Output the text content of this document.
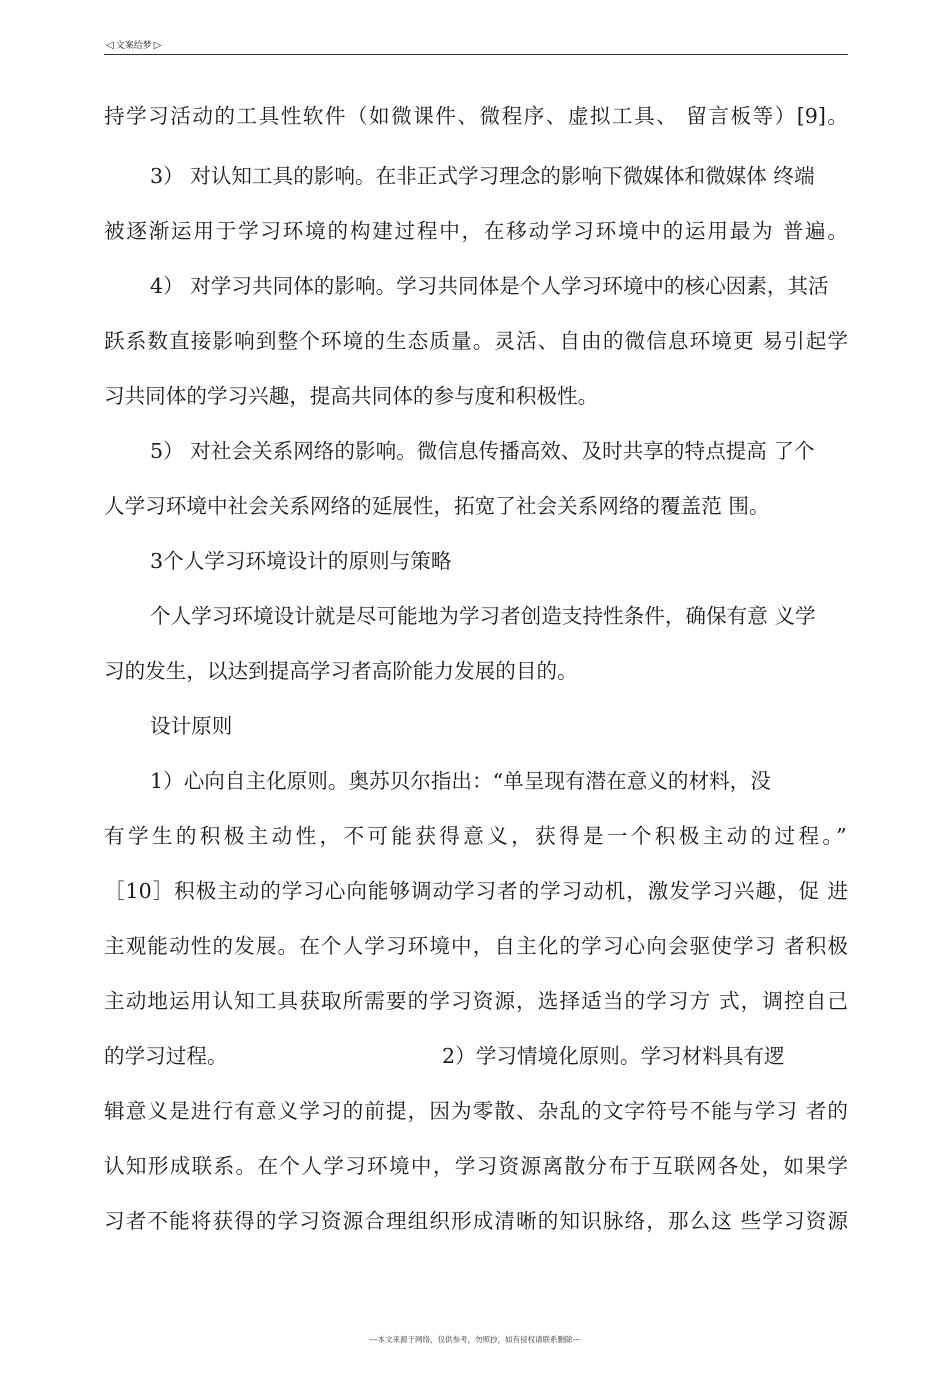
◁ 文案给梦 ▷
持学习活动的工具性软件（如微课件、微程序、虚拟工具、 留言板等）[9]。
3） 对认知工具的影响。在非正式学习理念的影响下微媒体和微媒体 终端
被逐渐运用于学习环境的构建过程中，在移动学习环境中的运用最为 普遍。
4） 对学习共同体的影响。学习共同体是个人学习环境中的核心因素，其活
跃系数直接影响到整个环境的生态质量。灵活、自由的微信息环境更 易引起学
习共同体的学习兴趣，提高共同体的参与度和积极性。
5） 对社会关系网络的影响。微信息传播高效、及时共享的特点提高 了个
人学习环境中社会关系网络的延展性，拓宽了社会关系网络的覆盖范 围。
3个人学习环境设计的原则与策略
个人学习环境设计就是尽可能地为学习者创造支持性条件，确保有意 义学
习的发生，以达到提高学习者高阶能力发展的目的。
设计原则
1）心向自主化原则。奥苏贝尔指出：“单呈现有潜在意义的材料，没
有学生的积极主动性，不可能获得意义，获得是一个积极主动的过程。”
［10］积极主动的学习心向能够调动学习者的学习动机，激发学习兴趣，促 进
主观能动性的发展。在个人学习环境中，自主化的学习心向会驱使学习 者积极
主动地运用认知工具获取所需要的学习资源，选择适当的学习方 式，调控自己
的学习过程。	2）学习情境化原则。学习材料具有逻
辑意义是进行有意义学习的前提，因为零散、杂乱的文字符号不能与学习 者的
认知形成联系。在个人学习环境中，学习资源离散分布于互联网各处，如果学
习者不能将获得的学习资源合理组织形成清晰的知识脉络，那么这 些学习资源
---本文来源于网络，仅供参考，勿照抄，如有侵权请联系删除---
